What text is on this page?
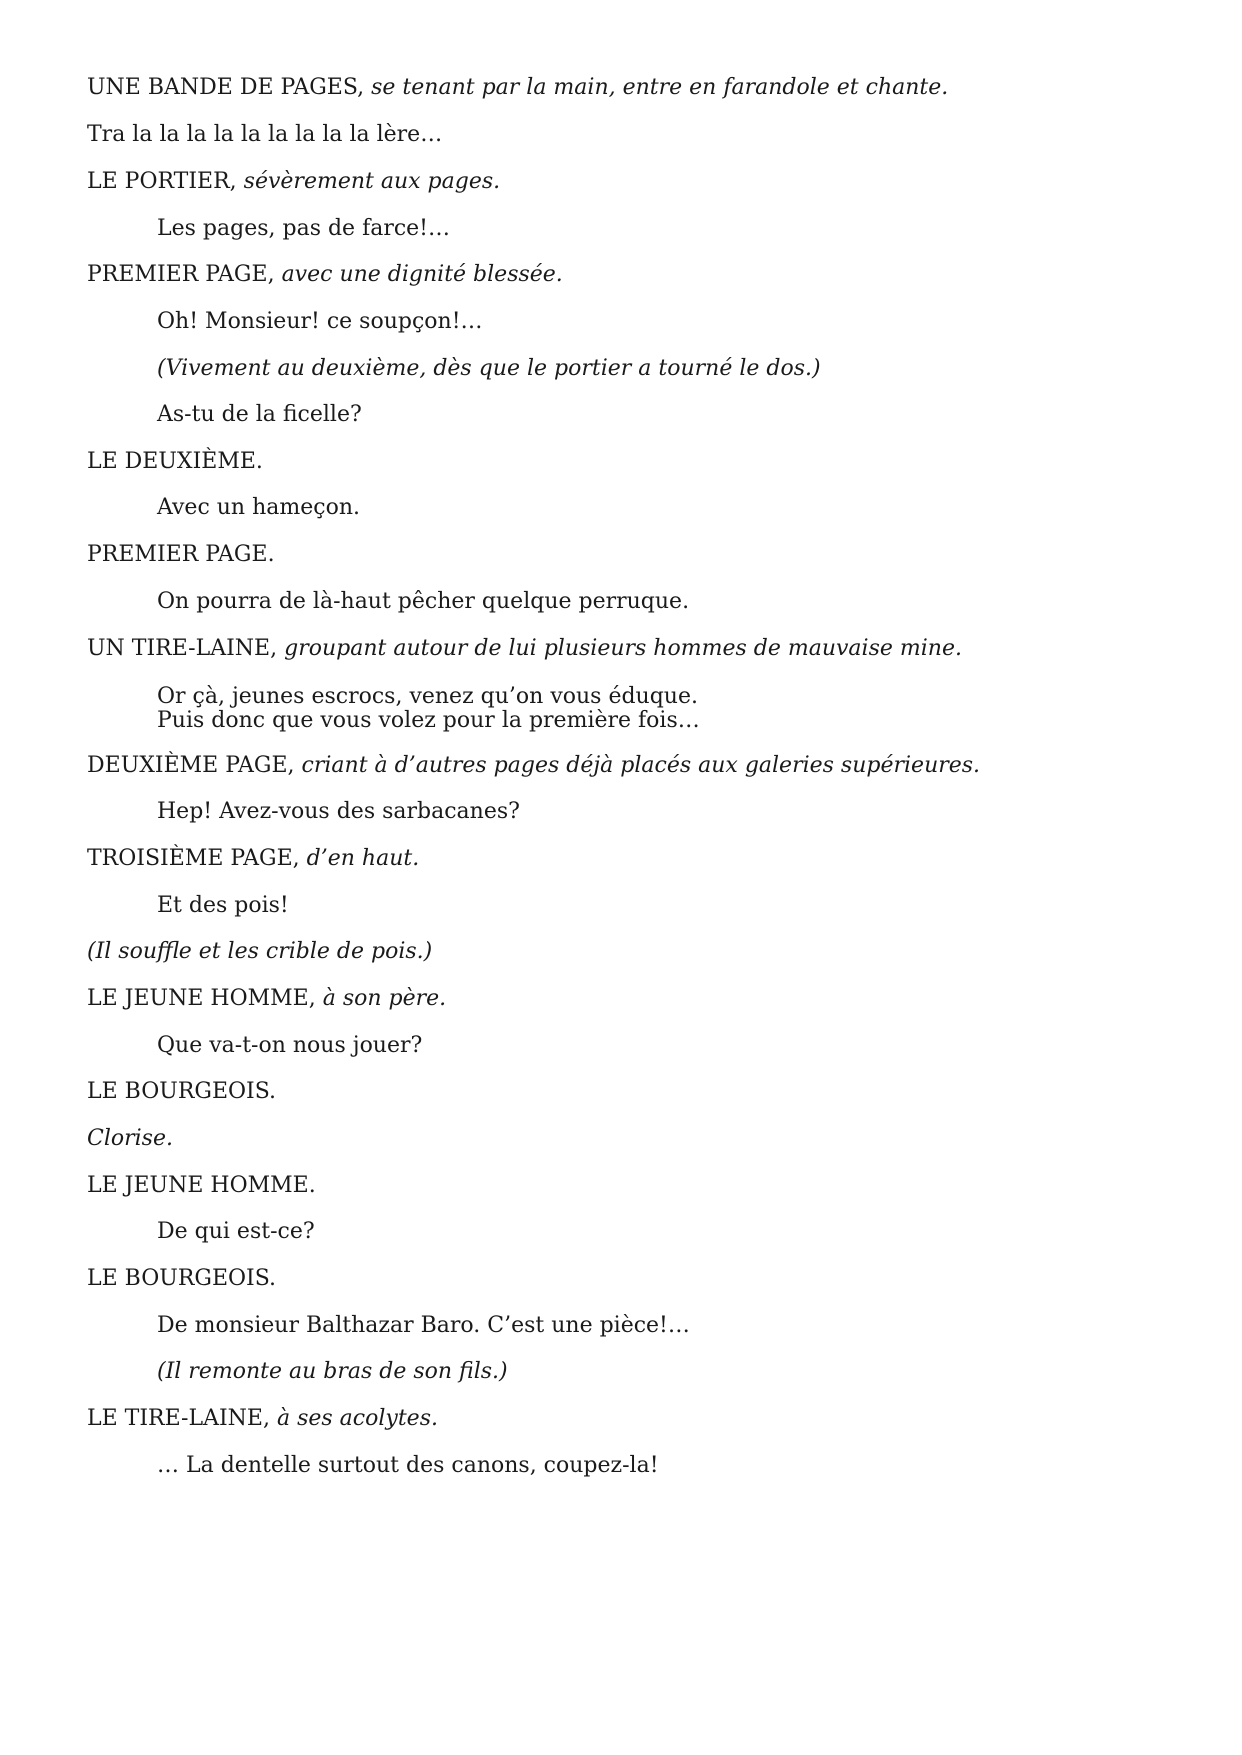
UNE BANDE DE PAGES, se tenant par la main, entre en farandole et chante.

Tra la la la la la la la la la lère…

LE PORTIER, sévèrement aux pages.

Les pages, pas de farce!…

PREMIER PAGE, avec une dignité blessée.

Oh! Monsieur! ce soupçon!…

(Vivement au deuxième, dès que le portier a tourné le dos.)

As-tu de la ficelle?

LE DEUXIÈME.

Avec un hameçon.

PREMIER PAGE.

On pourra de là-haut pêcher quelque perruque.

UN TIRE-LAINE, groupant autour de lui plusieurs hommes de mauvaise mine.

Or çà, jeunes escrocs, venez qu’on vous éduque.

Puis donc que vous volez pour la première fois…

DEUXIÈME PAGE, criant à d’autres pages déjà placés aux galeries supérieures.

Hep! Avez-vous des sarbacanes?

TROISIÈME PAGE, d’en haut.

Et des pois!

(Il souffle et les crible de pois.)

LE JEUNE HOMME, à son père.

Que va-t-on nous jouer?

LE BOURGEOIS.

Clorise.

LE JEUNE HOMME.

De qui est-ce?

LE BOURGEOIS.

De monsieur Balthazar Baro. C’est une pièce!…

(Il remonte au bras de son fils.)

LE TIRE-LAINE, à ses acolytes.

… La dentelle surtout des canons, coupez-la!
